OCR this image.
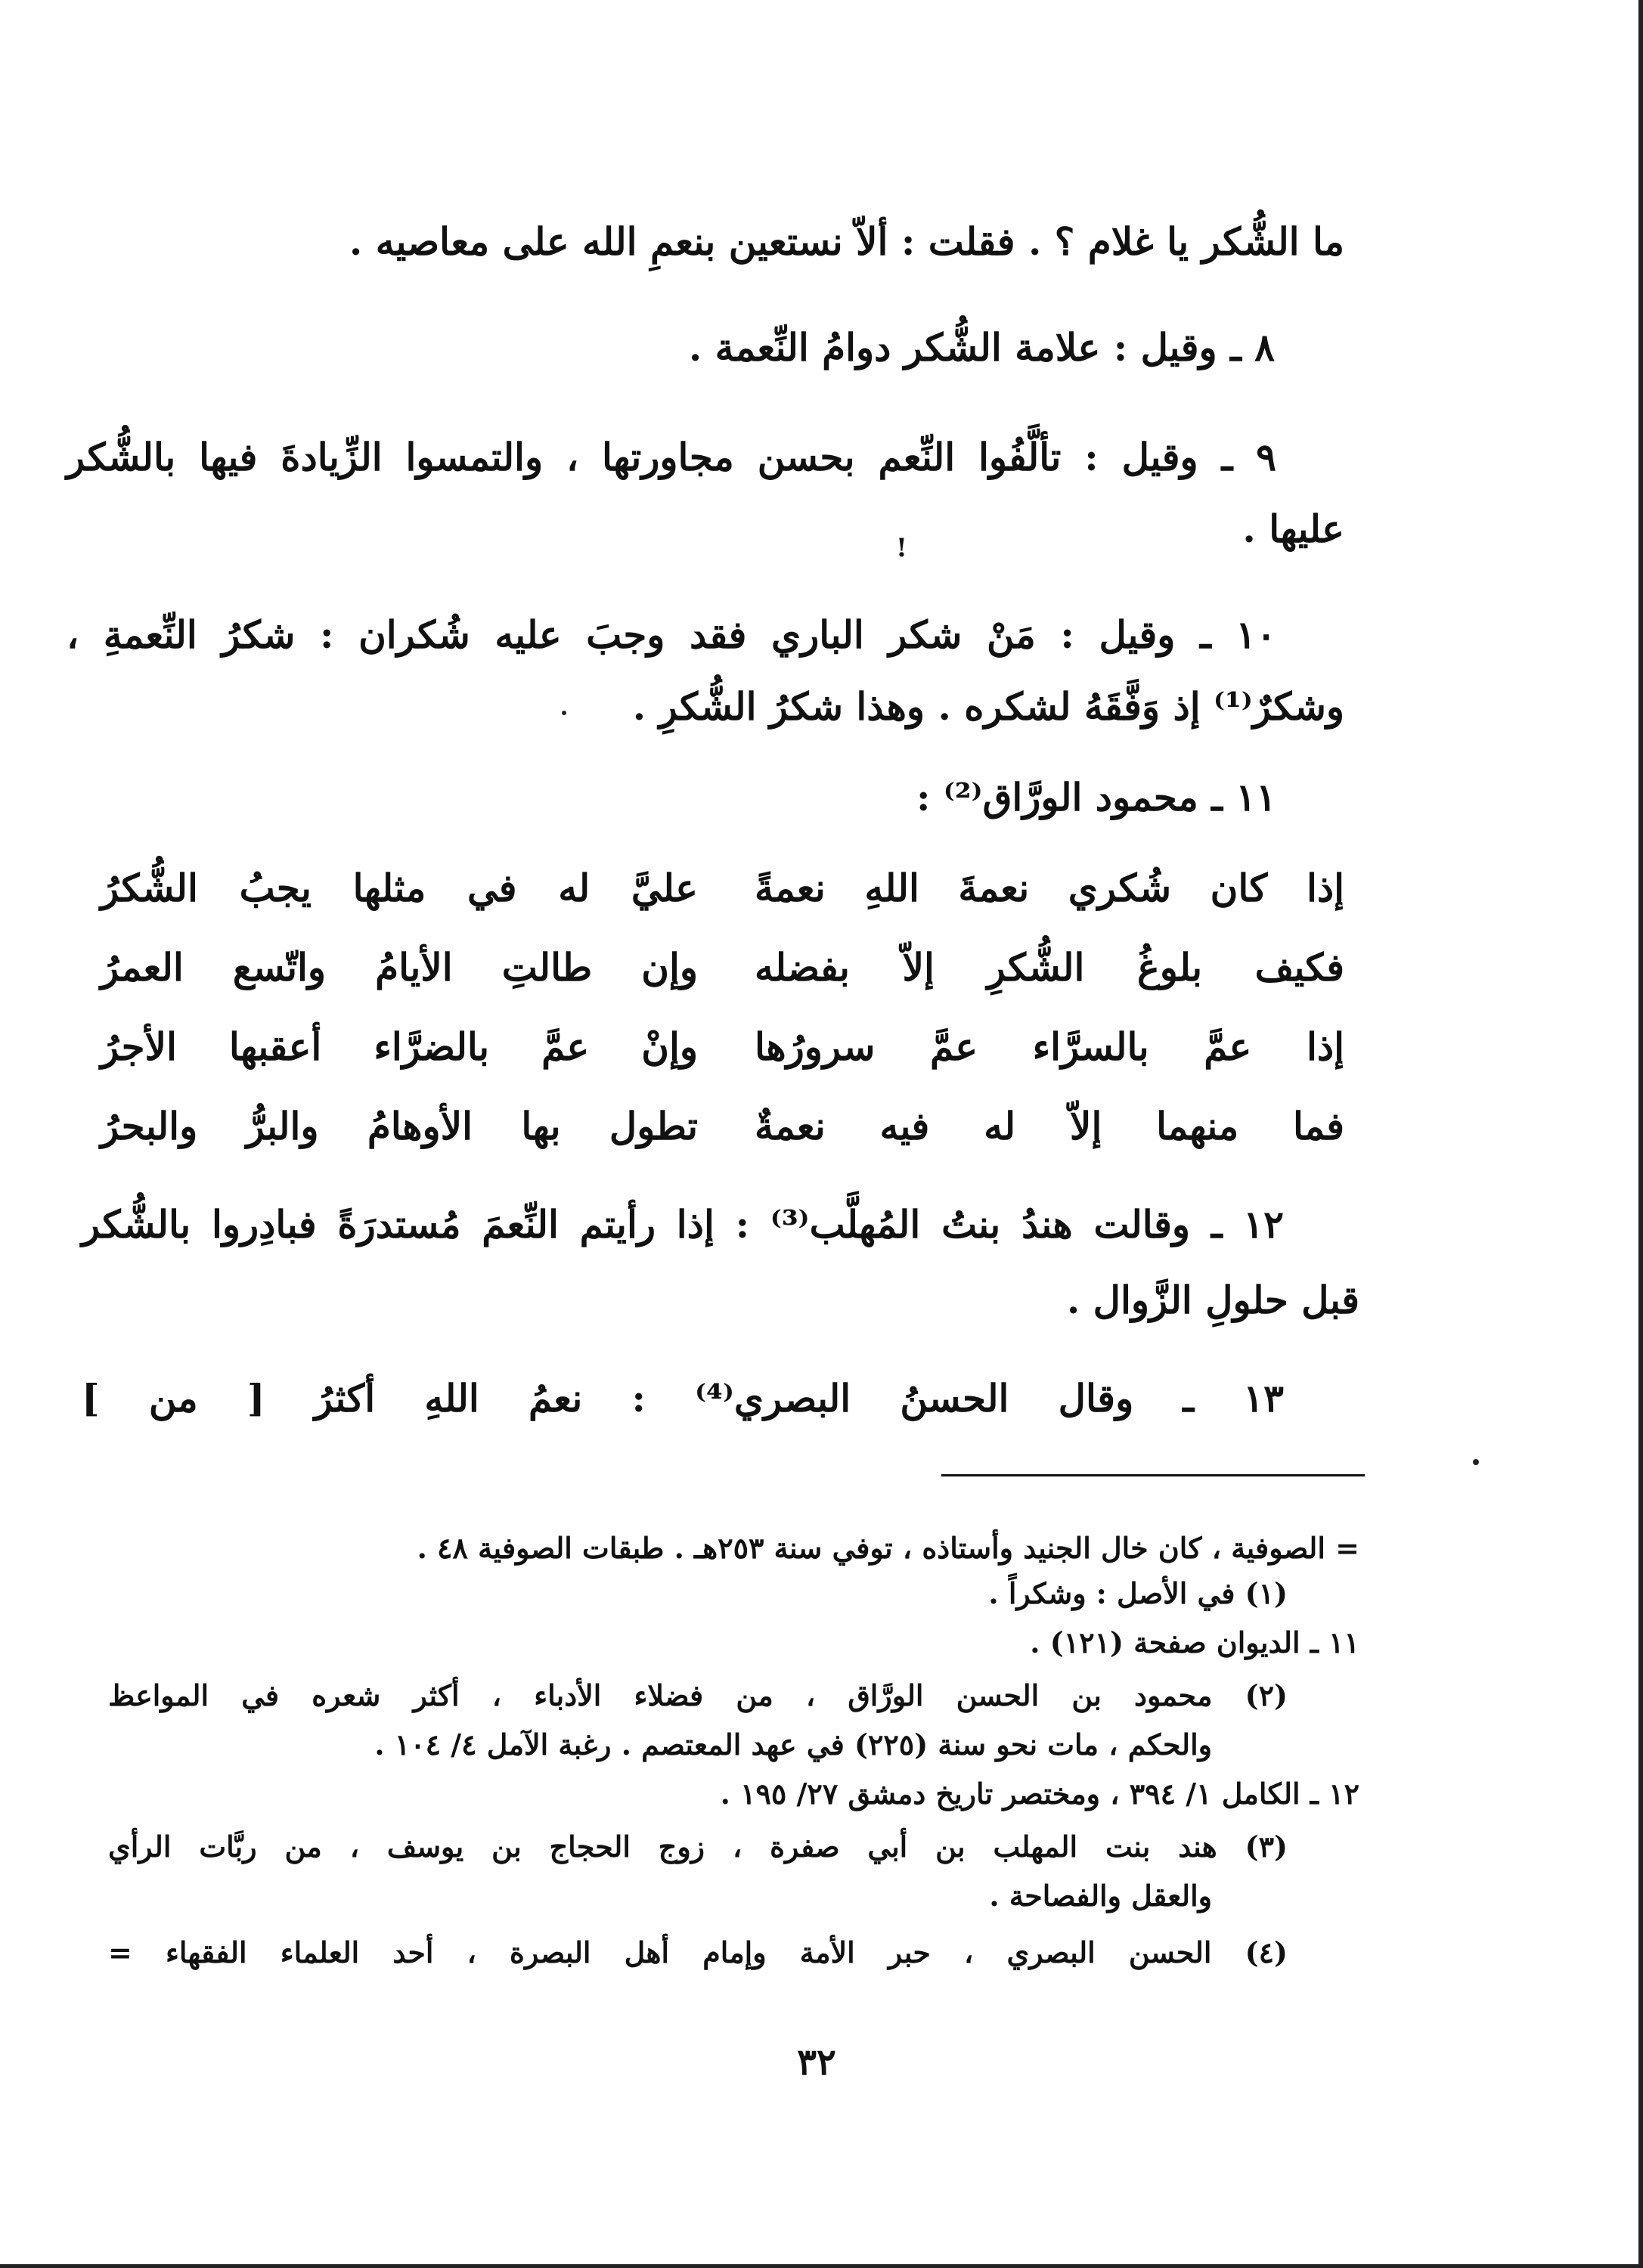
ما الشُّكر يا غلام ؟ . فقلت : ألاّ نستعين بنعمِ الله على معاصيه .
٨ ـ وقيل : علامة الشُّكر دوامُ النِّعمة .
٩ ـ وقيل : تألَّفُوا النِّعم بحسن مجاورتها ، والتمسوا الزِّيادةَ فيها بالشُّكر
عليها .
!
١٠ ـ وقيل : مَنْ شكر الباري فقد وجبَ عليه شُكران : شكرُ النِّعمةِ ،
وشكرٌ⁽¹⁾ إذ وَفَّقَهُ لشكره . وهذا شكرُ الشُّكرِ .
١١ ـ محمود الورَّاق⁽²⁾ :
إذا كان شُكري نعمةَ اللهِ نعمةً
عليَّ له في مثلها يجبُ الشُّكرُ
فكيف بلوغُ الشُّكرِ إلاّ بفضله
وإن طالتِ الأيامُ واتّسع العمرُ
إذا عمَّ بالسرَّاء عمَّ سرورُها
وإنْ عمَّ بالضرَّاء أعقبها الأجرُ
فما منهما إلاّ له فيه نعمةٌ
تطول بها الأوهامُ والبرُّ والبحرُ
١٢ ـ وقالت هندُ بنتُ المُهلَّب⁽³⁾ : إذا رأيتم النِّعمَ مُستدرَةً فبادِروا بالشُّكر
قبل حلولِ الزَّوال .
١٣ ـ وقال الحسنُ البصري⁽⁴⁾ : نعمُ اللهِ أكثرُ [ من ]
= الصوفية ، كان خال الجنيد وأستاذه ، توفي سنة ٢٥٣هـ . طبقات الصوفية ٤٨ .
(١) في الأصل : وشكراً .
١١ ـ الديوان صفحة (١٢١) .
(٢) محمود بن الحسن الورَّاق ، من فضلاء الأدباء ، أكثر شعره في المواعظ
والحكم ، مات نحو سنة (٢٢٥) في عهد المعتصم . رغبة الآمل ٤/ ١٠٤ .
١٢ ـ الكامل ١/ ٣٩٤ ، ومختصر تاريخ دمشق ٢٧/ ١٩٥ .
(٣) هند بنت المهلب بن أبي صفرة ، زوج الحجاج بن يوسف ، من ربَّات الرأي
والعقل والفصاحة .
(٤) الحسن البصري ، حبر الأمة وإمام أهل البصرة ، أحد العلماء الفقهاء =
٣٢
